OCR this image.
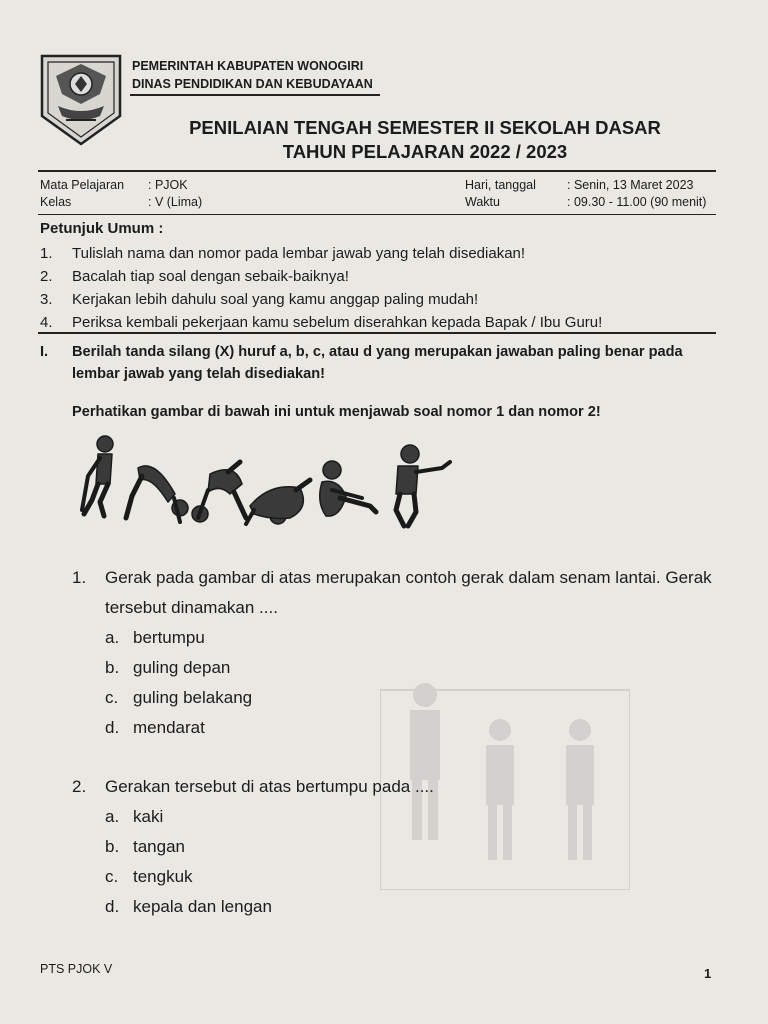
PEMERINTAH KABUPATEN WONOGIRI
DINAS PENDIDIKAN DAN KEBUDAYAAN
PENILAIAN TENGAH SEMESTER II SEKOLAH DASAR
TAHUN PELAJARAN 2022 / 2023
Mata Pelajaran : PJOK
Kelas	: V (Lima)
Hari, tanggal : Senin, 13 Maret 2023
Waktu	: 09.30 - 11.00 (90 menit)
Petunjuk Umum :
1. Tulislah nama dan nomor pada lembar jawab yang telah disediakan!
2. Bacalah tiap soal dengan sebaik-baiknya!
3. Kerjakan lebih dahulu soal yang kamu anggap paling mudah!
4. Periksa kembali pekerjaan kamu sebelum diserahkan kepada Bapak / Ibu Guru!
I. Berilah tanda silang (X) huruf a, b, c, atau d yang merupakan jawaban paling benar pada lembar jawab yang telah disediakan!
Perhatikan gambar di bawah ini untuk menjawab soal nomor 1 dan nomor 2!
1. Gerak pada gambar di atas merupakan contoh gerak dalam senam lantai. Gerak tersebut dinamakan ....
a. bertumpu
b. guling depan
c. guling belakang
d. mendarat
2. Gerakan tersebut di atas bertumpu pada ....
a. kaki
b. tangan
c. tengkuk
d. kepala dan lengan
PTS PJOK V	1
